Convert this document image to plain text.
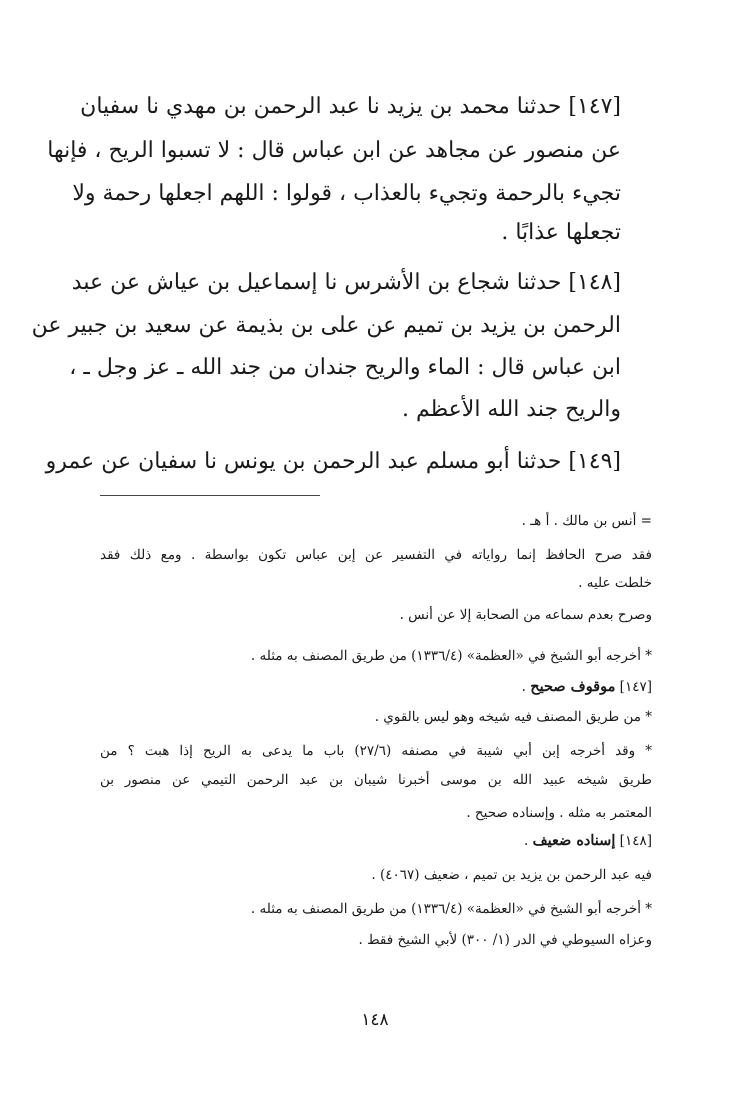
[١٤٧] حدثنا محمد بن يزيد نا عبد الرحمن بن مهدي نا سفيان
عن منصور عن مجاهد عن ابن عباس قال : لا تسبوا الريح ، فإنها
تجيء بالرحمة وتجيء بالعذاب ، قولوا : اللهم اجعلها رحمة ولا
تجعلها عذابًا .
[١٤٨] حدثنا شجاع بن الأشرس نا إسماعيل بن عياش عن عبد
الرحمن بن يزيد بن تميم عن على بن بذيمة عن سعيد بن جبير عن
ابن عباس قال : الماء والريح جندان من جند الله ـ عز وجل ـ ،
والريح جند الله الأعظم .
[١٤٩] حدثنا أبو مسلم عبد الرحمن بن يونس نا سفيان عن عمرو
= أنس بن مالك . أ هـ .
فقد صرح الحافظ إنما رواياته في التفسير عن إبن عباس تكون بواسطة . ومع ذلك فقد
خلطت عليه .
وصرح بعدم سماعه من الصحابة إلا عن أنس .
* أخرجه أبو الشيخ في «العظمة» (١٣٣٦/٤) من طريق المصنف به مثله .
[١٤٧] موقوف صحيح .
* من طريق المصنف فيه شيخه وهو ليس بالقوي .
* وقد أخرجه إبن أبي شيبة في مصنفه (٢٧/٦) باب ما يدعى به الريح إذا هبت ؟ من
طريق شيخه عبيد الله بن موسى أخبرنا شيبان بن عبد الرحمن التيمي عن منصور بن
المعتمر به مثله . وإسناده صحيح .
[١٤٨] إسناده ضعيف .
فيه عبد الرحمن بن يزيد بن تميم ، ضعيف (٤٠٦٧) .
* أخرجه أبو الشيخ في «العظمة» (١٣٣٦/٤) من طريق المصنف به مثله .
وعزاه السيوطي في الدر (١/ ٣٠٠) لأبي الشيخ فقط .
١٤٨
